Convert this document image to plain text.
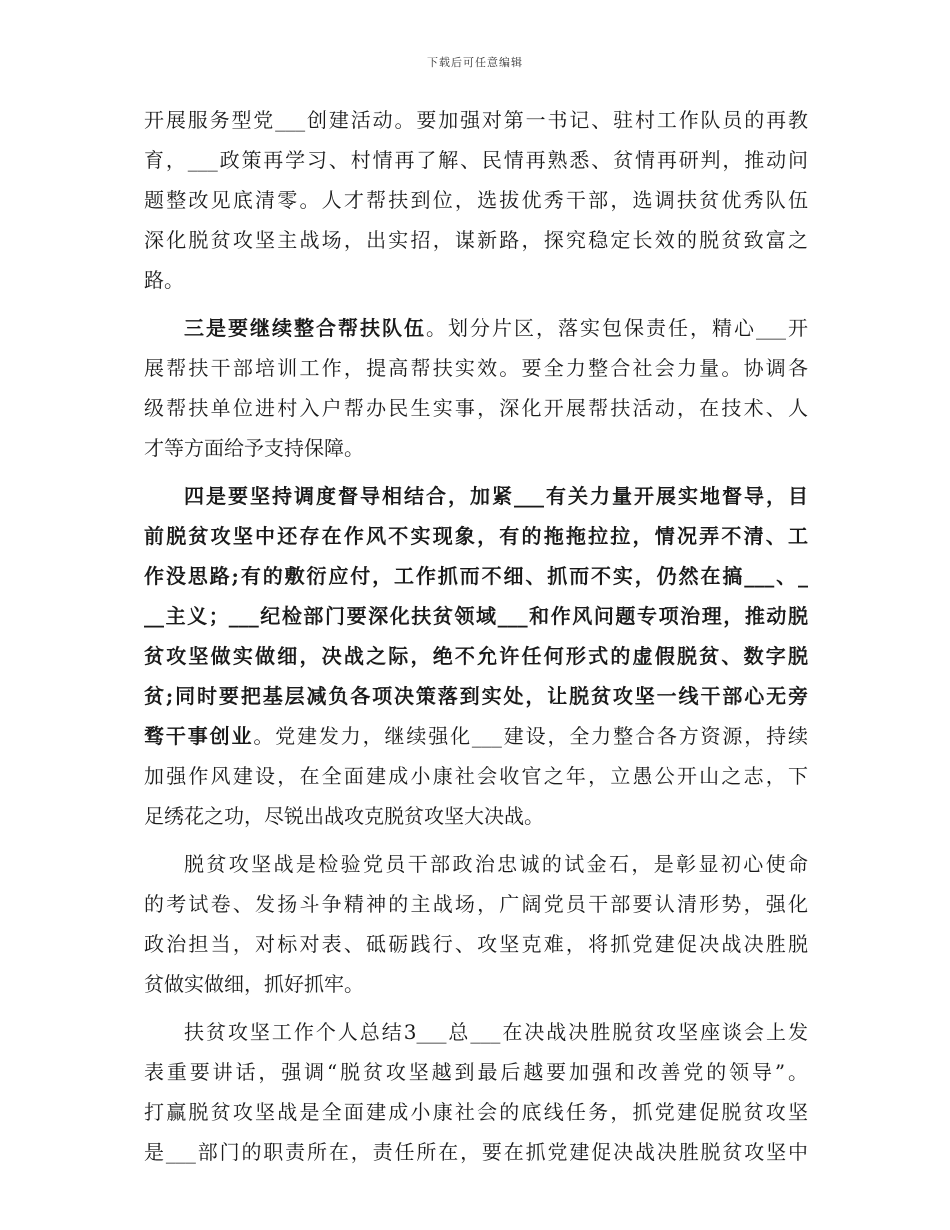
下载后可任意编辑
开展服务型党___创建活动。要加强对第一书记、驻村工作队员的再教
育，___政策再学习、村情再了解、民情再熟悉、贫情再研判，推动问
题整改见底清零。人才帮扶到位，选拔优秀干部，选调扶贫优秀队伍
深化脱贫攻坚主战场，出实招，谋新路，探究稳定长效的脱贫致富之
路。
三是要继续整合帮扶队伍。划分片区，落实包保责任，精心___开
展帮扶干部培训工作，提高帮扶实效。要全力整合社会力量。协调各
级帮扶单位进村入户帮办民生实事，深化开展帮扶活动，在技术、人
才等方面给予支持保障。
四是要坚持调度督导相结合，加紧___有关力量开展实地督导，目
前脱贫攻坚中还存在作风不实现象，有的拖拖拉拉，情况弄不清、工
作没思路;有的敷衍应付，工作抓而不细、抓而不实，仍然在搞___、_
__主义；___纪检部门要深化扶贫领域___和作风问题专项治理，推动脱
贫攻坚做实做细，决战之际，绝不允许任何形式的虚假脱贫、数字脱
贫;同时要把基层减负各项决策落到实处，让脱贫攻坚一线干部心无旁
骛干事创业。党建发力，继续强化___建设，全力整合各方资源，持续
加强作风建设，在全面建成小康社会收官之年，立愚公开山之志，下
足绣花之功，尽锐出战攻克脱贫攻坚大决战。
脱贫攻坚战是检验党员干部政治忠诚的试金石，是彰显初心使命
的考试卷、发扬斗争精神的主战场，广阔党员干部要认清形势，强化
政治担当，对标对表、砥砺践行、攻坚克难，将抓党建促决战决胜脱
贫做实做细，抓好抓牢。
扶贫攻坚工作个人总结3___总___在决战决胜脱贫攻坚座谈会上发
表重要讲话，强调“脱贫攻坚越到最后越要加强和改善党的领导”。
打赢脱贫攻坚战是全面建成小康社会的底线任务，抓党建促脱贫攻坚
是___部门的职责所在，责任所在，要在抓党建促决战决胜脱贫攻坚中
